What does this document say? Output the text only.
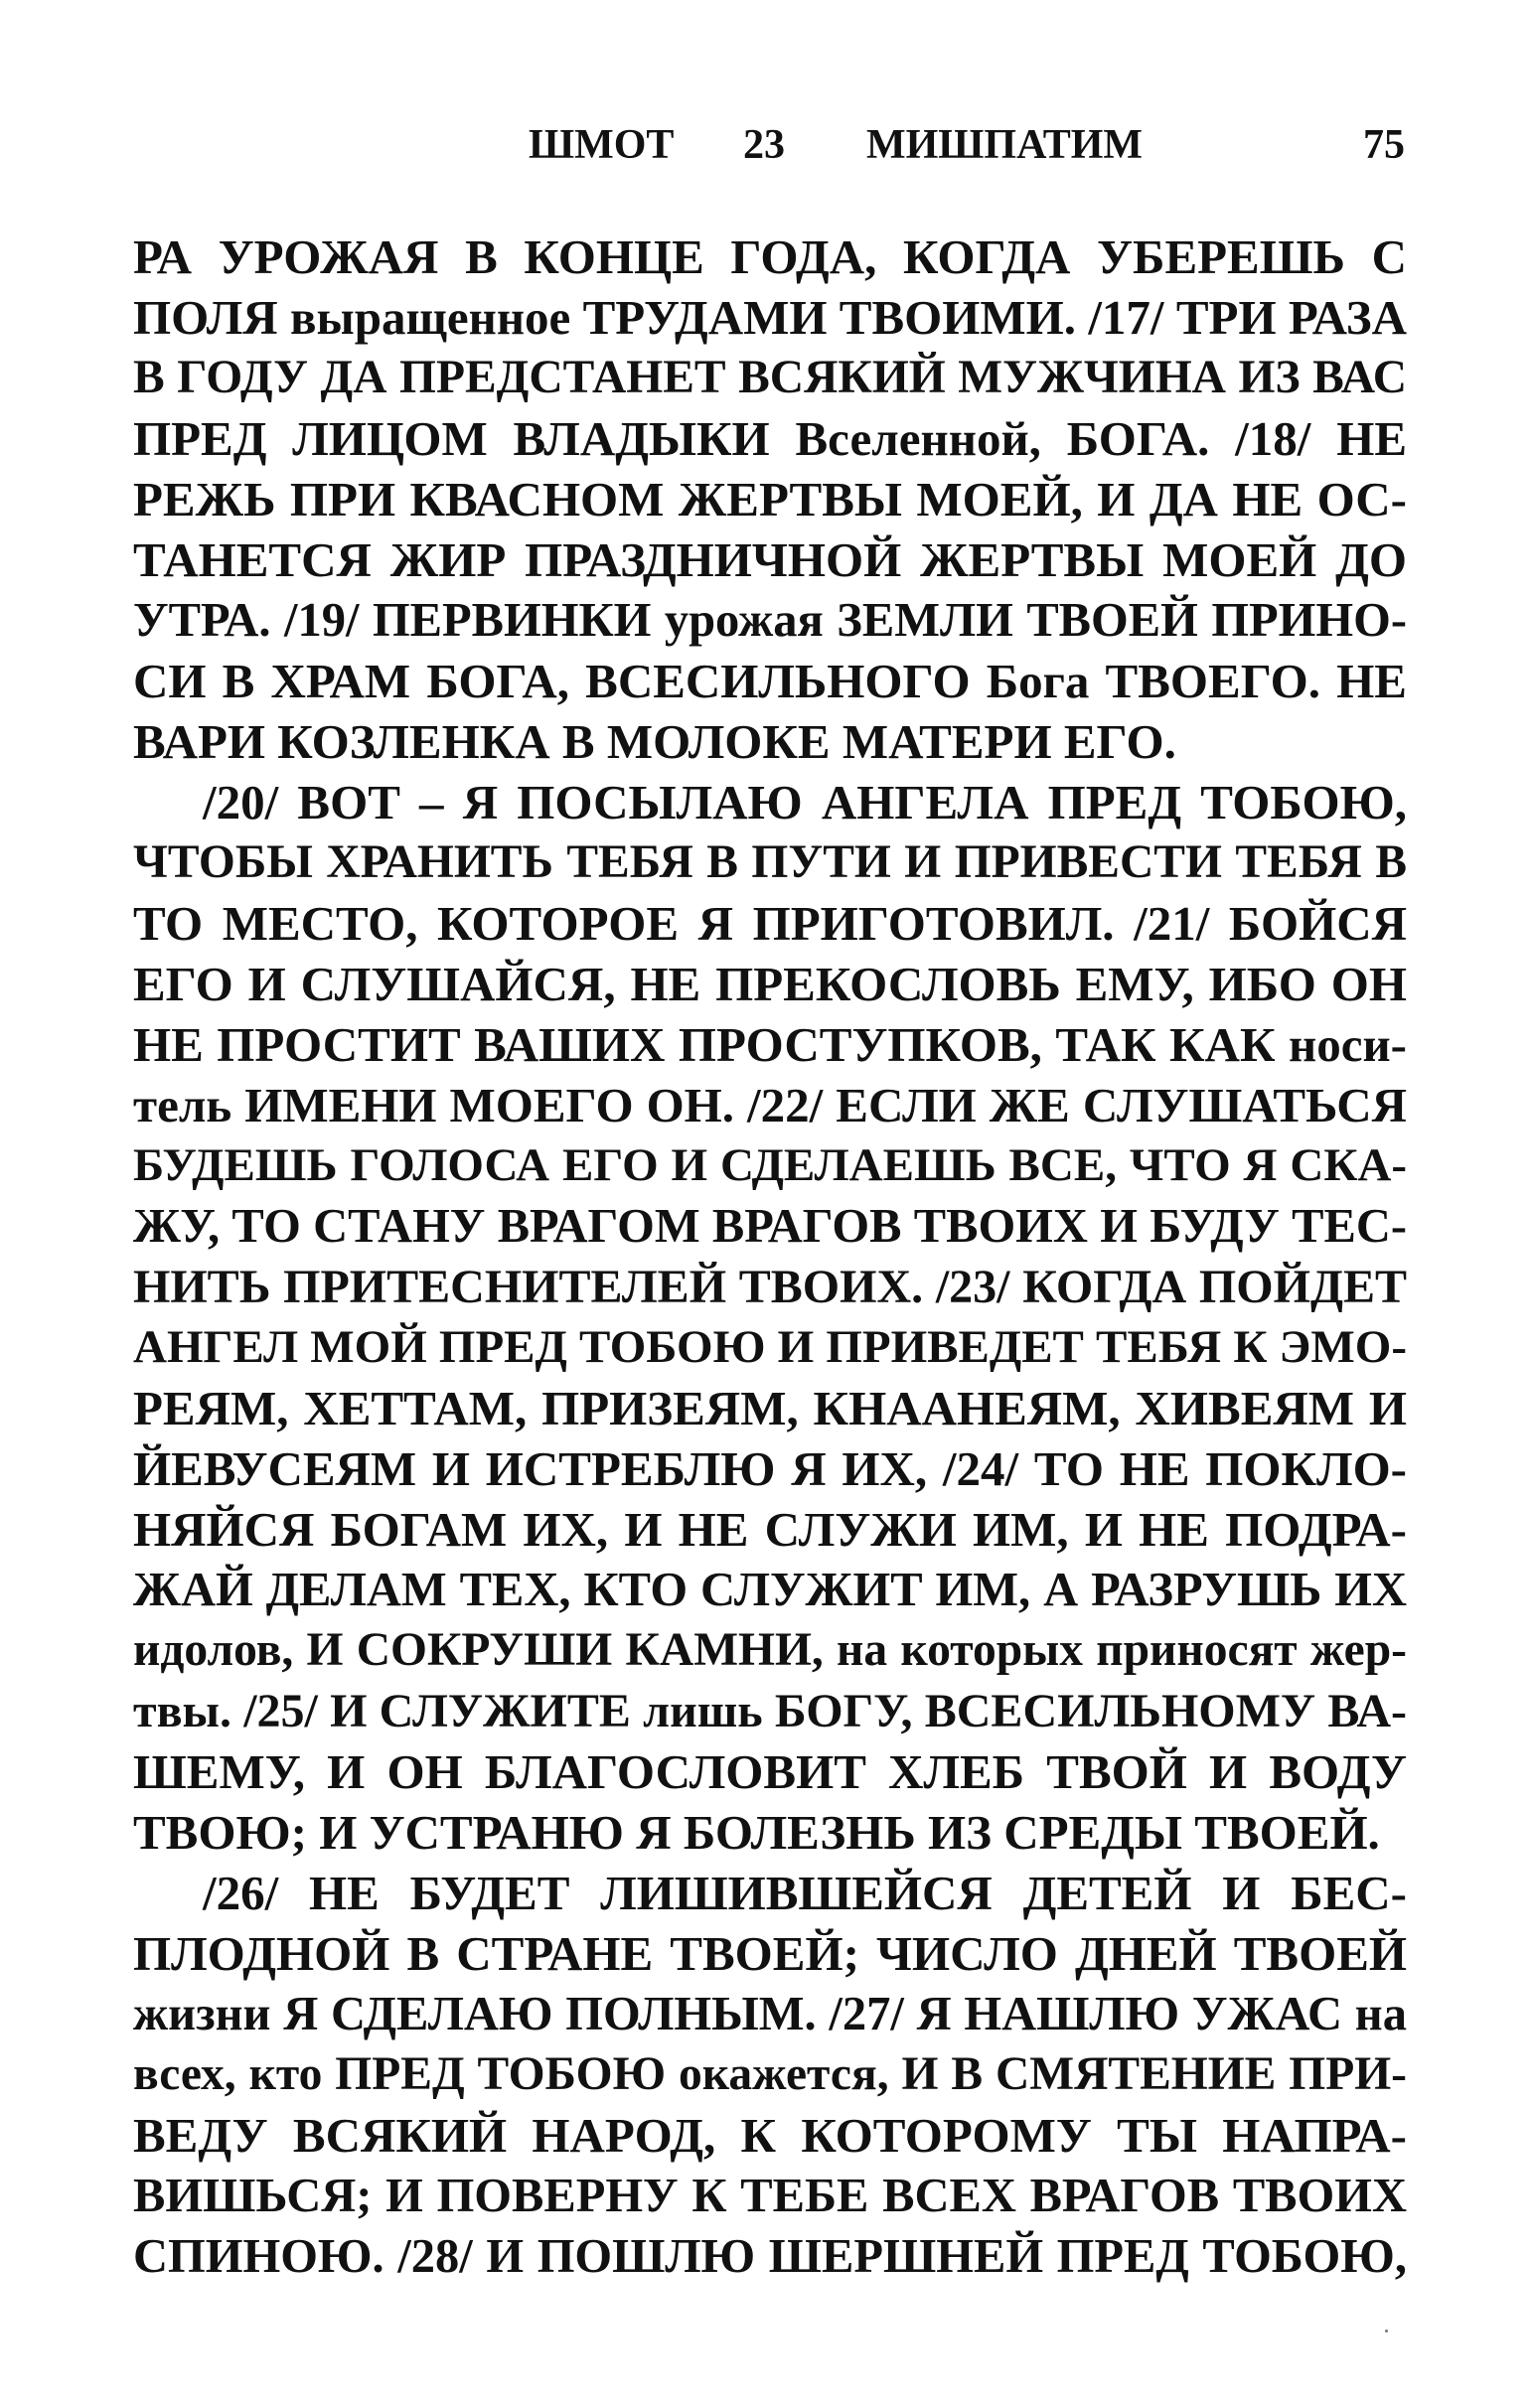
ШМОТ 23 МИШПАТИМ	75
РА УРОЖАЯ В КОНЦЕ ГОДА, КОГДА УБЕРЕШЬ С
ПОЛЯ выращенное ТРУДАМИ ТВОИМИ. /17/ ТРИ РАЗА
В ГОДУ ДА ПРЕДСТАНЕТ ВСЯКИЙ МУЖЧИНА ИЗ ВАС
ПРЕД ЛИЦОМ ВЛАДЫКИ Вселенной, БОГА. /18/ НЕ
РЕЖЬ ПРИ КВАСНОМ ЖЕРТВЫ МОЕЙ, И ДА НЕ ОС-
ТАНЕТСЯ ЖИР ПРАЗДНИЧНОЙ ЖЕРТВЫ МОЕЙ ДО
УТРА. /19/ ПЕРВИНКИ урожая ЗЕМЛИ ТВОЕЙ ПРИНО-
СИ В ХРАМ БОГА, ВСЕСИЛЬНОГО Бога ТВОЕГО. НЕ
ВАРИ КОЗЛЕНКА В МОЛОКЕ МАТЕРИ ЕГО.
/20/ ВОТ – Я ПОСЫЛАЮ АНГЕЛА ПРЕД ТОБОЮ,
ЧТОБЫ ХРАНИТЬ ТЕБЯ В ПУТИ И ПРИВЕСТИ ТЕБЯ В
ТО МЕСТО, КОТОРОЕ Я ПРИГОТОВИЛ. /21/ БОЙСЯ
ЕГО И СЛУШАЙСЯ, НЕ ПРЕКОСЛОВЬ ЕМУ, ИБО ОН
НЕ ПРОСТИТ ВАШИХ ПРОСТУПКОВ, ТАК КАК носи-
тель ИМЕНИ МОЕГО ОН. /22/ ЕСЛИ ЖЕ СЛУШАТЬСЯ
БУДЕШЬ ГОЛОСА ЕГО И СДЕЛАЕШЬ ВСЕ, ЧТО Я СКА-
ЖУ, ТО СТАНУ ВРАГОМ ВРАГОВ ТВОИХ И БУДУ ТЕС-
НИТЬ ПРИТЕСНИТЕЛЕЙ ТВОИХ. /23/ КОГДА ПОЙДЕТ
АНГЕЛ МОЙ ПРЕД ТОБОЮ И ПРИВЕДЕТ ТЕБЯ К ЭМО-
РЕЯМ, ХЕТТАМ, ПРИЗЕЯМ, КНААНЕЯМ, ХИВЕЯМ И
ЙЕВУСЕЯМ И ИСТРЕБЛЮ Я ИХ, /24/ ТО НЕ ПОКЛО-
НЯЙСЯ БОГАМ ИХ, И НЕ СЛУЖИ ИМ, И НЕ ПОДРА-
ЖАЙ ДЕЛАМ ТЕХ, КТО СЛУЖИТ ИМ, А РАЗРУШЬ ИХ
идолов, И СОКРУШИ КАМНИ, на которых приносят жер-
твы. /25/ И СЛУЖИТЕ лишь БОГУ, ВСЕСИЛЬНОМУ ВА-
ШЕМУ, И ОН БЛАГОСЛОВИТ ХЛЕБ ТВОЙ И ВОДУ
ТВОЮ; И УСТРАНЮ Я БОЛЕЗНЬ ИЗ СРЕДЫ ТВОЕЙ.
/26/ НЕ БУДЕТ ЛИШИВШЕЙСЯ ДЕТЕЙ И БЕС-
ПЛОДНОЙ В СТРАНЕ ТВОЕЙ; ЧИСЛО ДНЕЙ ТВОЕЙ
жизни Я СДЕЛАЮ ПОЛНЫМ. /27/ Я НАШЛЮ УЖАС на
всех, кто ПРЕД ТОБОЮ окажется, И В СМЯТЕНИЕ ПРИ-
ВЕДУ ВСЯКИЙ НАРОД, К КОТОРОМУ ТЫ НАПРА-
ВИШЬСЯ; И ПОВЕРНУ К ТЕБЕ ВСЕХ ВРАГОВ ТВОИХ
СПИНОЮ. /28/ И ПОШЛЮ ШЕРШНЕЙ ПРЕД ТОБОЮ,
